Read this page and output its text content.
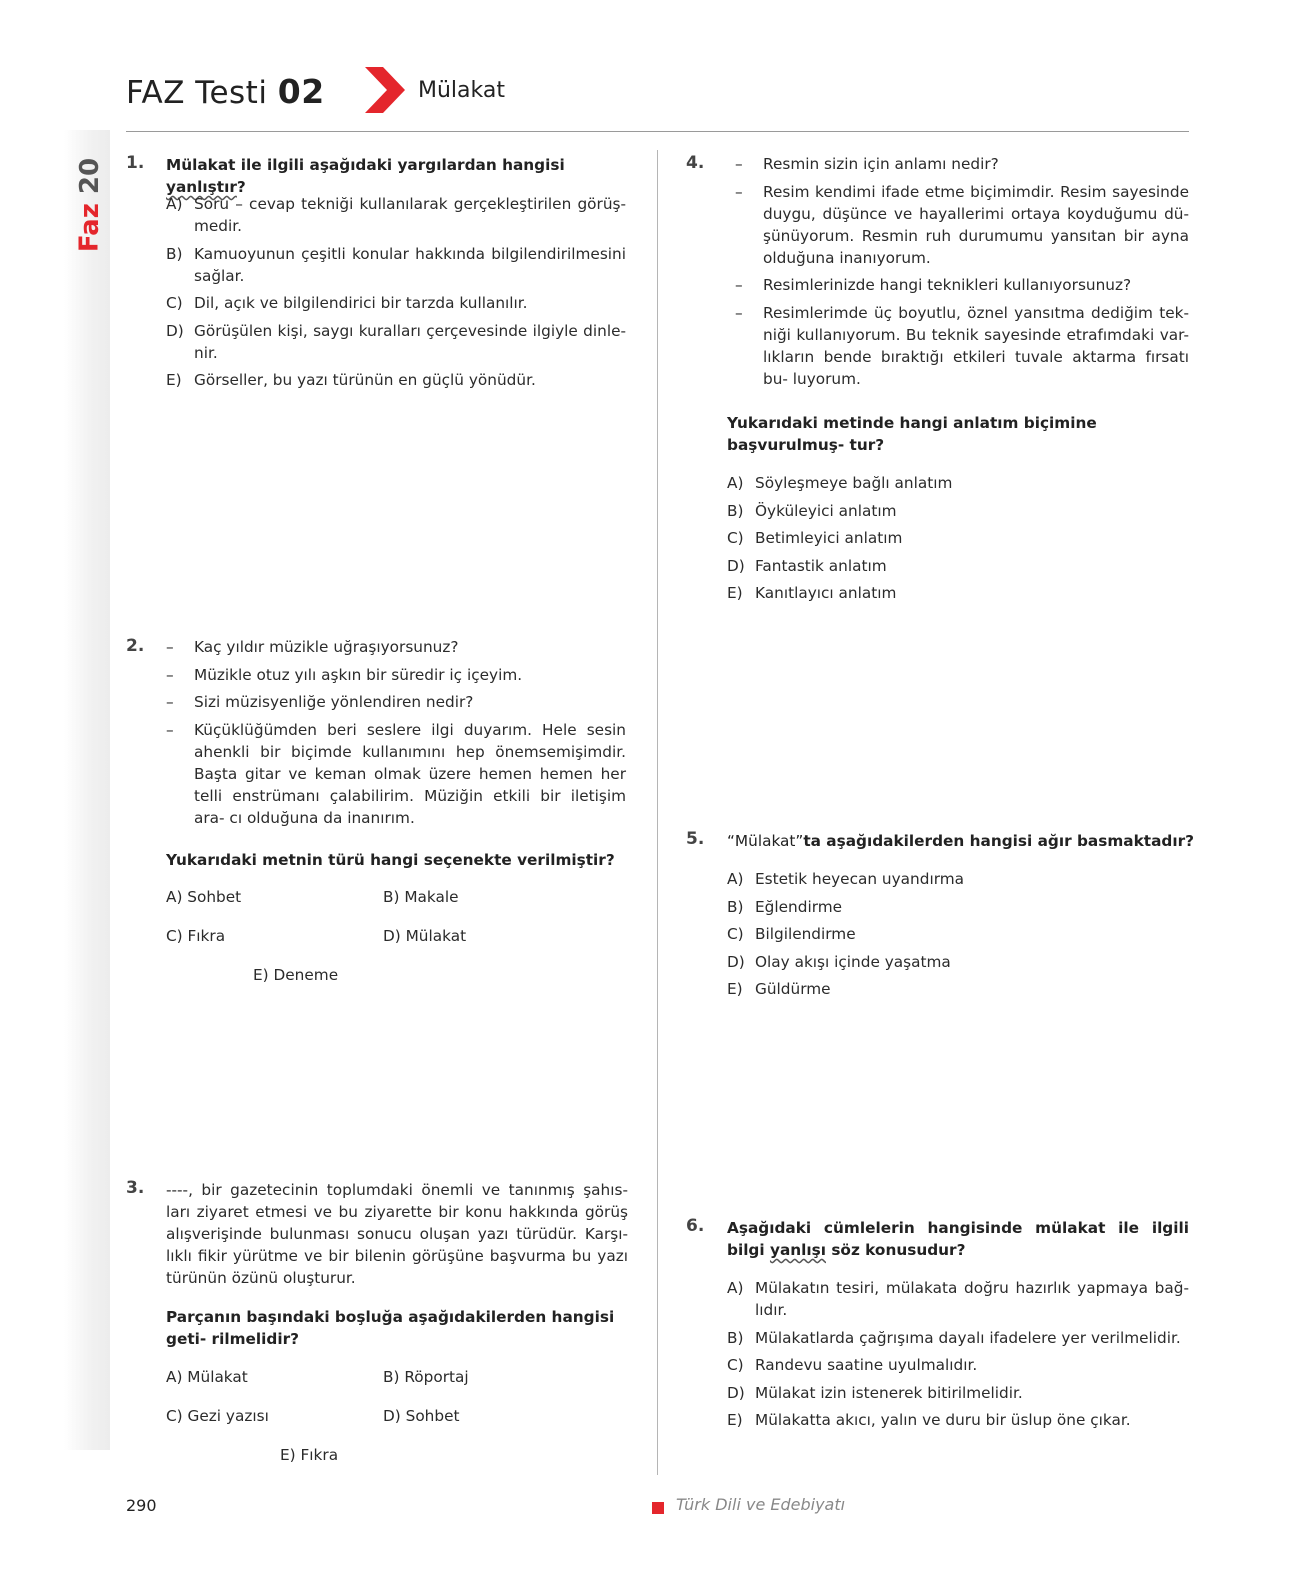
Faz 20
FAZ Testi 02	Mülakat
1. Mülakat ile ilgili aşağıdaki yargılardan hangisi yanlıştır?
A) Soru – cevap tekniği kullanılarak gerçekleştirilen görüş- medir.
B) Kamuoyunun çeşitli konular hakkında bilgilendirilmesini sağlar.
C) Dil, açık ve bilgilendirici bir tarzda kullanılır.
D) Görüşülen kişi, saygı kuralları çerçevesinde ilgiyle dinle- nir.
E) Görseller, bu yazı türünün en güçlü yönüdür.
2. –	Kaç yıldır müzikle uğraşıyorsunuz?
–	Müzikle otuz yılı aşkın bir süredir iç içeyim.
–	Sizi müzisyenliğe yönlendiren nedir?
–	Küçüklüğümden beri seslere ilgi duyarım. Hele sesin ahenkli bir biçimde kullanımını hep önemsemişimdir. Başta gitar ve keman olmak üzere hemen hemen her telli enstrümanı çalabilirim. Müziğin etkili bir iletişim ara- cı olduğuna da inanırım.
Yukarıdaki metnin türü hangi seçenekte verilmiştir?
A) Sohbet	B) Makale
C) Fıkra	D) Mülakat
E) Deneme
3. ----, bir gazetecinin toplumdaki önemli ve tanınmış şahıs- ları ziyaret etmesi ve bu ziyarette bir konu hakkında görüş alışverişinde bulunması sonucu oluşan yazı türüdür. Karşı- lıklı fikir yürütme ve bir bilenin görüşüne başvurma bu yazı türünün özünü oluşturur.
Parçanın başındaki boşluğa aşağıdakilerden hangisi geti- rilmelidir?
A) Mülakat	B) Röportaj
C) Gezi yazısı	D) Sohbet
E) Fıkra
4. –	Resmin sizin için anlamı nedir?
–	Resim kendimi ifade etme biçimimdir. Resim sayesinde duygu, düşünce ve hayallerimi ortaya koyduğumu dü- şünüyorum. Resmin ruh durumumu yansıtan bir ayna olduğuna inanıyorum.
–	Resimlerinizde hangi teknikleri kullanıyorsunuz?
–	Resimlerimde üç boyutlu, öznel yansıtma dediğim tek- niği kullanıyorum. Bu teknik sayesinde etrafımdaki var- lıkların bende bıraktığı etkileri tuvale aktarma fırsatı bu- luyorum.
Yukarıdaki metinde hangi anlatım biçimine başvurulmuş- tur?
A) Söyleşmeye bağlı anlatım
B) Öyküleyici anlatım
C) Betimleyici anlatım
D) Fantastik anlatım
E) Kanıtlayıcı anlatım
5. “Mülakat”ta aşağıdakilerden hangisi ağır basmaktadır?
A) Estetik heyecan uyandırma
B) Eğlendirme
C) Bilgilendirme
D) Olay akışı içinde yaşatma
E) Güldürme
6. Aşağıdaki cümlelerin hangisinde mülakat ile ilgili bilgi yanlışı söz konusudur?
A) Mülakatın tesiri, mülakata doğru hazırlık yapmaya bağ- lıdır.
B) Mülakatlarda çağrışıma dayalı ifadelere yer verilmelidir.
C) Randevu saatine uyulmalıdır.
D) Mülakat izin istenerek bitirilmelidir.
E) Mülakatta akıcı, yalın ve duru bir üslup öne çıkar.
290	Türk Dili ve Edebiyatı
